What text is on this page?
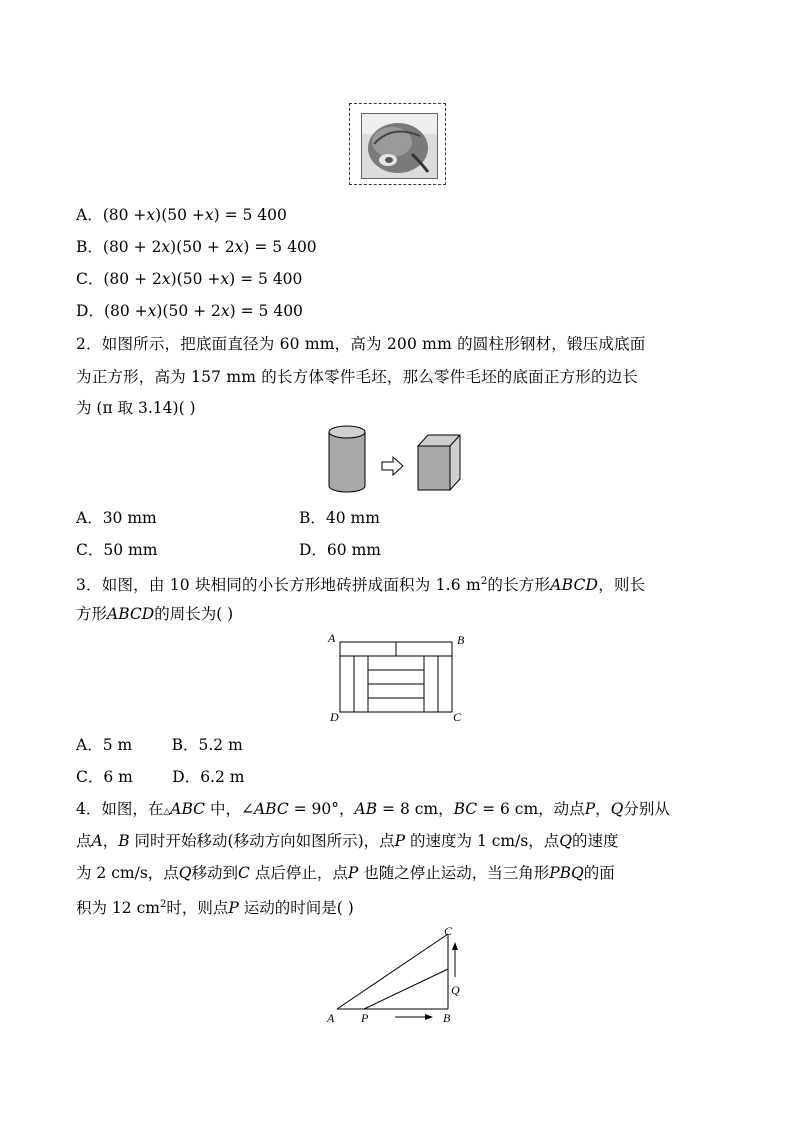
A．(80 +x)(50 +x) = 5 400
B．(80 + 2x)(50 + 2x) = 5 400
C．(80 + 2x)(50 +x) = 5 400
D．(80 +x)(50 + 2x) = 5 400
2．如图所示，把底面直径为 60 mm，高为 200 mm 的圆柱形钢材，锻压成底面
为正方形，高为 157 mm 的长方体零件毛坯，那么零件毛坯的底面正方形的边长
为 (π 取 3.14)( )
A．30 mm	B．40 mm
C．50 mm	D．60 mm
3．如图，由 10 块相同的小长方形地砖拼成面积为 1.6 $m^2$的长方形ABCD，则长
方形ABCD的周长为( )
A	B
C
D
A．5 m        B．5.2 m
C．6 m        D．6.2 m
4．如图，在△ABC 中，∠ABC = 90°，AB = 8 cm，BC = 6 cm，动点P，Q分别从
点A，B 同时开始移动(移动方向如图所示)，点P 的速度为 1 cm/s，点Q的速度
为 2 cm/s，点Q移动到C 点后停止，点P 也随之停止运动，当三角形PBQ的面
积为 12 $cm^2$时，则点P 运动的时间是( )
A	B
C
P
Q
